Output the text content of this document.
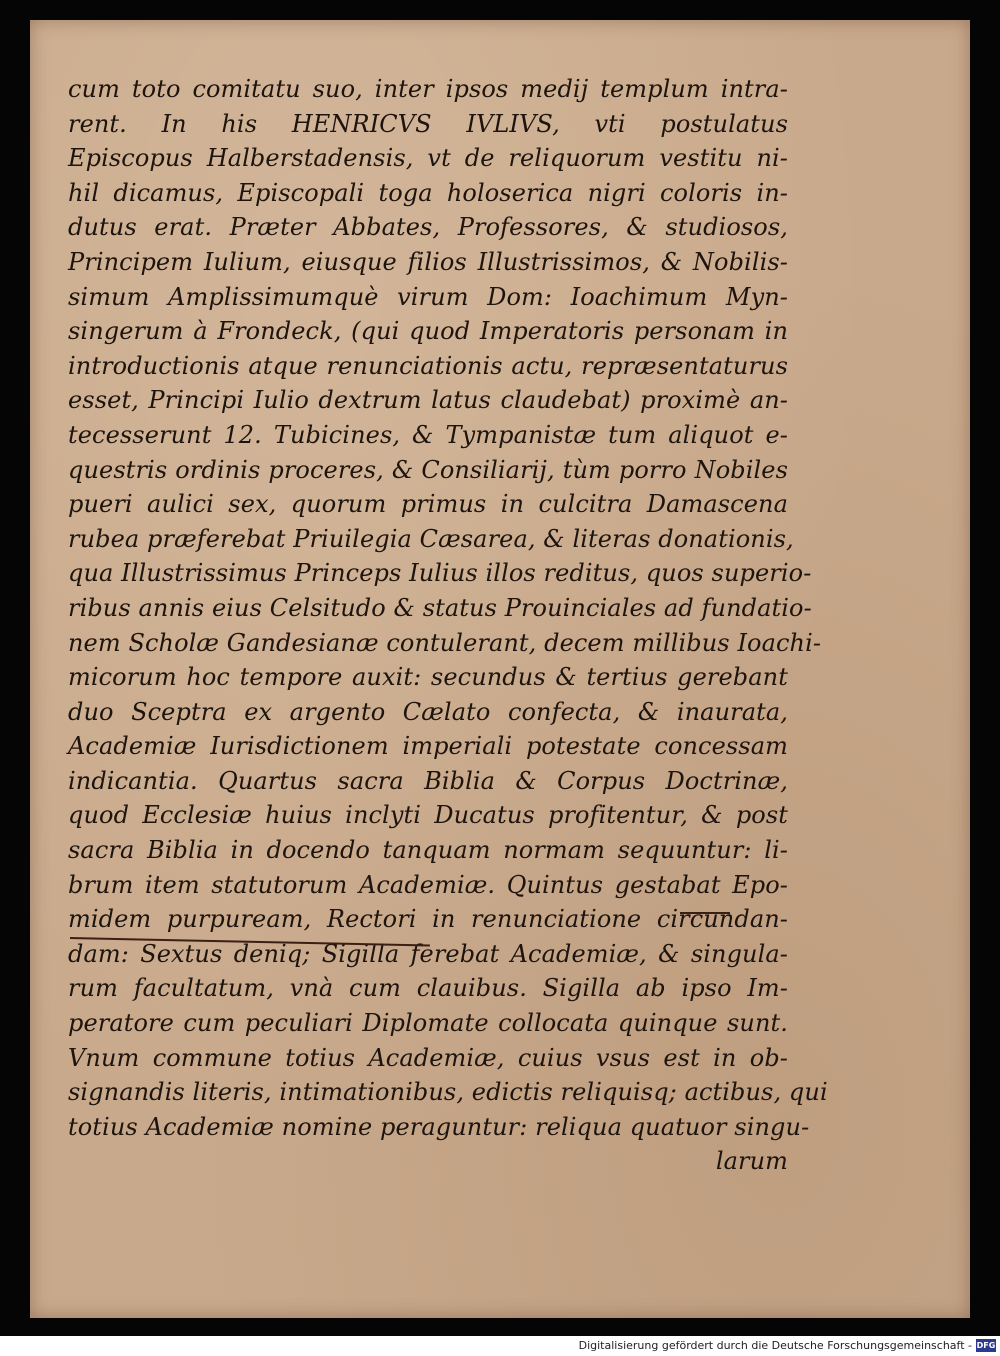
cum toto comitatu suo, inter ipsos medij templum intra-
rent. In his HENRICVS IVLIVS, vti postulatus
Episcopus Halberstadensis, vt de reliquorum vestitu ni-
hil dicamus, Episcopali toga holoserica nigri coloris in-
dutus erat. Præter Abbates, Professores, & studiosos,
Principem Iulium, eiusque filios Illustrissimos, & Nobilis-
simum Amplissimumquè virum Dom: Ioachimum Myn-
singerum à Frondeck, (qui quod Imperatoris personam in
introductionis atque renunciationis actu, repræsentaturus
esset, Principi Iulio dextrum latus claudebat) proximè an-
tecesserunt 12. Tubicines, & Tympanistæ tum aliquot e-
questris ordinis proceres, & Consiliarij, tùm porro Nobiles
pueri aulici sex, quorum primus in culcitra Damascena
rubea præferebat Priuilegia Cæsarea, & literas donationis,
qua Illustrissimus Princeps Iulius illos reditus, quos superio-
ribus annis eius Celsitudo & status Prouinciales ad fundatio-
nem Scholæ Gandesianæ contulerant, decem millibus Ioachi-
micorum hoc tempore auxit: secundus & tertius gerebant
duo Sceptra ex argento Cælato confecta, & inaurata,
Academiæ Iurisdictionem imperiali potestate concessam
indicantia. Quartus sacra Biblia & Corpus Doctrinæ,
quod Ecclesiæ huius inclyti Ducatus profitentur, & post
sacra Biblia in docendo tanquam normam sequuntur: li-
brum item statutorum Academiæ. Quintus gestabat Epo-
midem purpuream, Rectori in renunciatione circundan-
dam: Sextus deniq; Sigilla ferebat Academiæ, & singula-
rum facultatum, vnà cum clauibus. Sigilla ab ipso Im-
peratore cum peculiari Diplomate collocata quinque sunt.
Vnum commune totius Academiæ, cuius vsus est in ob-
signandis literis, intimationibus, edictis reliquisq; actibus, qui
totius Academiæ nomine peraguntur: reliqua quatuor singu-
larum
Digitalisierung gefördert durch die Deutsche Forschungsgemeinschaft - DFG
